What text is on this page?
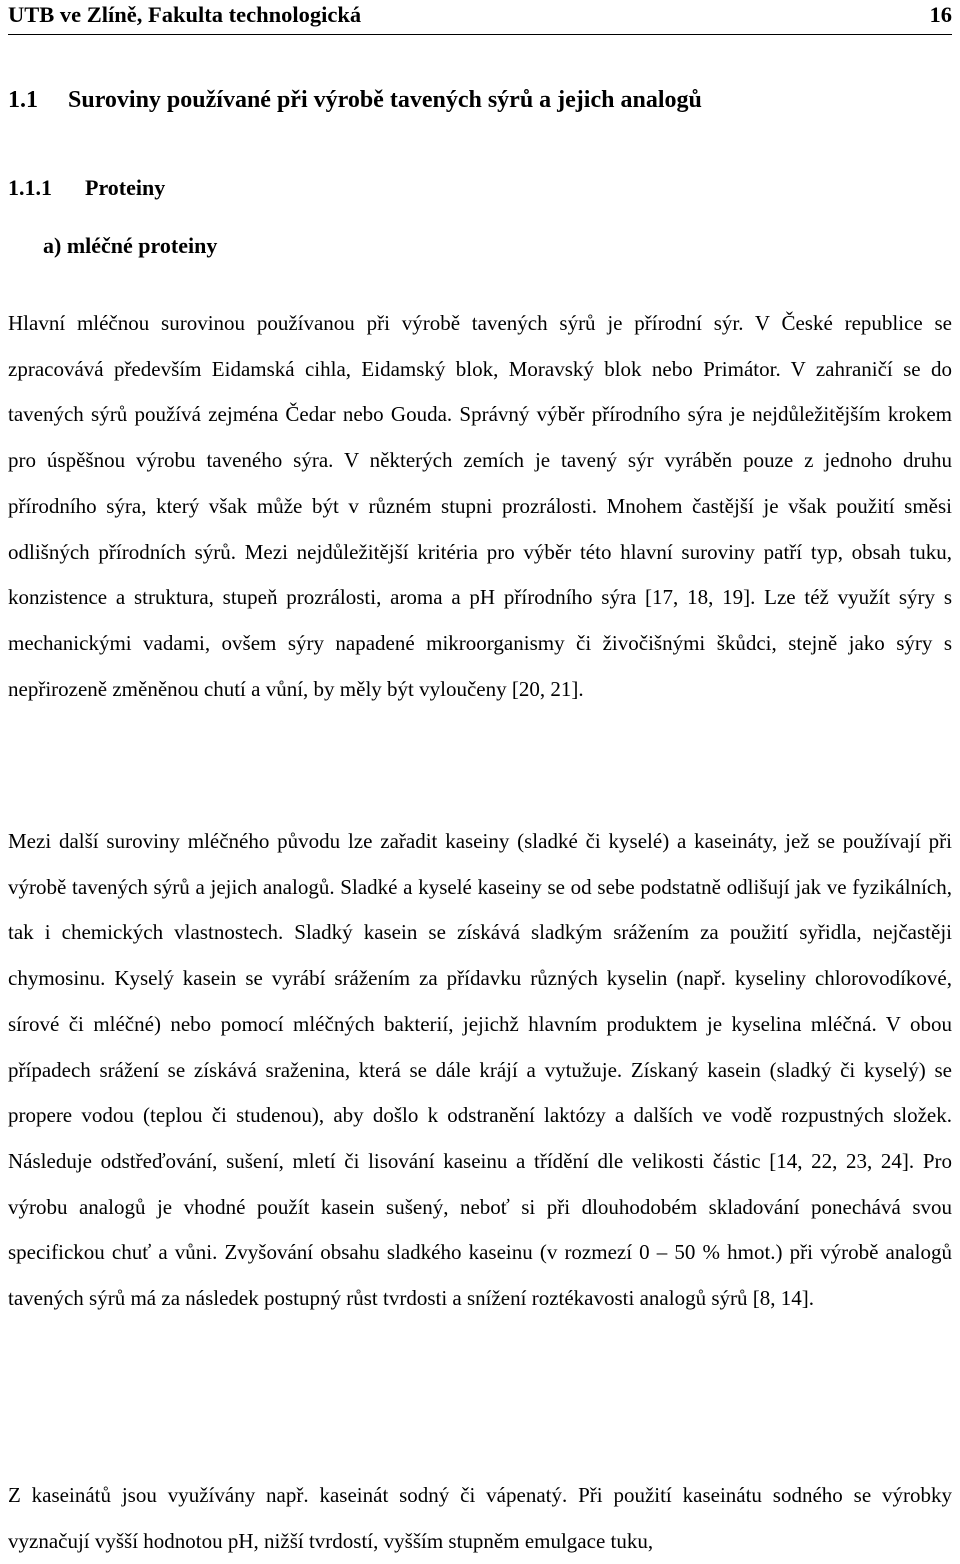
UTB ve Zlíně, Fakulta technologická	16
1.1 Suroviny používané při výrobě tavených sýrů a jejich analogů
1.1.1 Proteiny
a) mléčné proteiny

Hlavní mléčnou surovinou používanou při výrobě tavených sýrů je přírodní sýr. V České republice se zpracovává především Eidamská cihla, Eidamský blok, Moravský blok nebo Primátor. V zahraničí se do tavených sýrů používá zejména Čedar nebo Gouda. Správný výběr přírodního sýra je nejdůležitějším krokem pro úspěšnou výrobu taveného sýra. V některých zemích je tavený sýr vyráběn pouze z jednoho druhu přírodního sýra, který však může být v různém stupni prozrálosti. Mnohem častější je však použití směsi odlišných přírodních sýrů. Mezi nejdůležitější kritéria pro výběr této hlavní suroviny patří typ, obsah tuku, konzistence a struktura, stupeň prozrálosti, aroma a pH přírodního sýra [17, 18, 19]. Lze též využít sýry s mechanickými vadami, ovšem sýry napadené mikroorganismy či živočišnými škůdci, stejně jako sýry s nepřirozeně změněnou chutí a vůní, by měly být vyloučeny [20, 21].

Mezi další suroviny mléčného původu lze zařadit kaseiny (sladké či kyselé) a kaseináty, jež se používají při výrobě tavených sýrů a jejich analogů. Sladké a kyselé kaseiny se od sebe podstatně odlišují jak ve fyzikálních, tak i chemických vlastnostech. Sladký kasein se získává sladkým srážením za použití syřidla, nejčastěji chymosinu. Kyselý kasein se vyrábí srážením za přídavku různých kyselin (např. kyseliny chlorovodíkové, sírové či mléčné) nebo pomocí mléčných bakterií, jejichž hlavním produktem je kyselina mléčná. V obou případech srážení se získává sraženina, která se dále krájí a vytužuje. Získaný kasein (sladký či kyselý) se propere vodou (teplou či studenou), aby došlo k odstranění laktózy a dalších ve vodě rozpustných složek. Následuje odstřeďování, sušení, mletí či lisování kaseinu a třídění dle velikosti částic [14, 22, 23, 24]. Pro výrobu analogů je vhodné použít kasein sušený, neboť si při dlouhodobém skladování ponechává svou specifickou chuť a vůni. Zvyšování obsahu sladkého kaseinu (v rozmezí 0 – 50 % hmot.) při výrobě analogů tavených sýrů má za následek postupný růst tvrdosti a snížení roztékavosti analogů sýrů [8, 14].

Z kaseinátů jsou využívány např. kaseinát sodný či vápenatý. Při použití kaseinátu sodného se výrobky vyznačují vyšší hodnotou pH, nižší tvrdostí, vyšším stupněm emulgace tuku,
